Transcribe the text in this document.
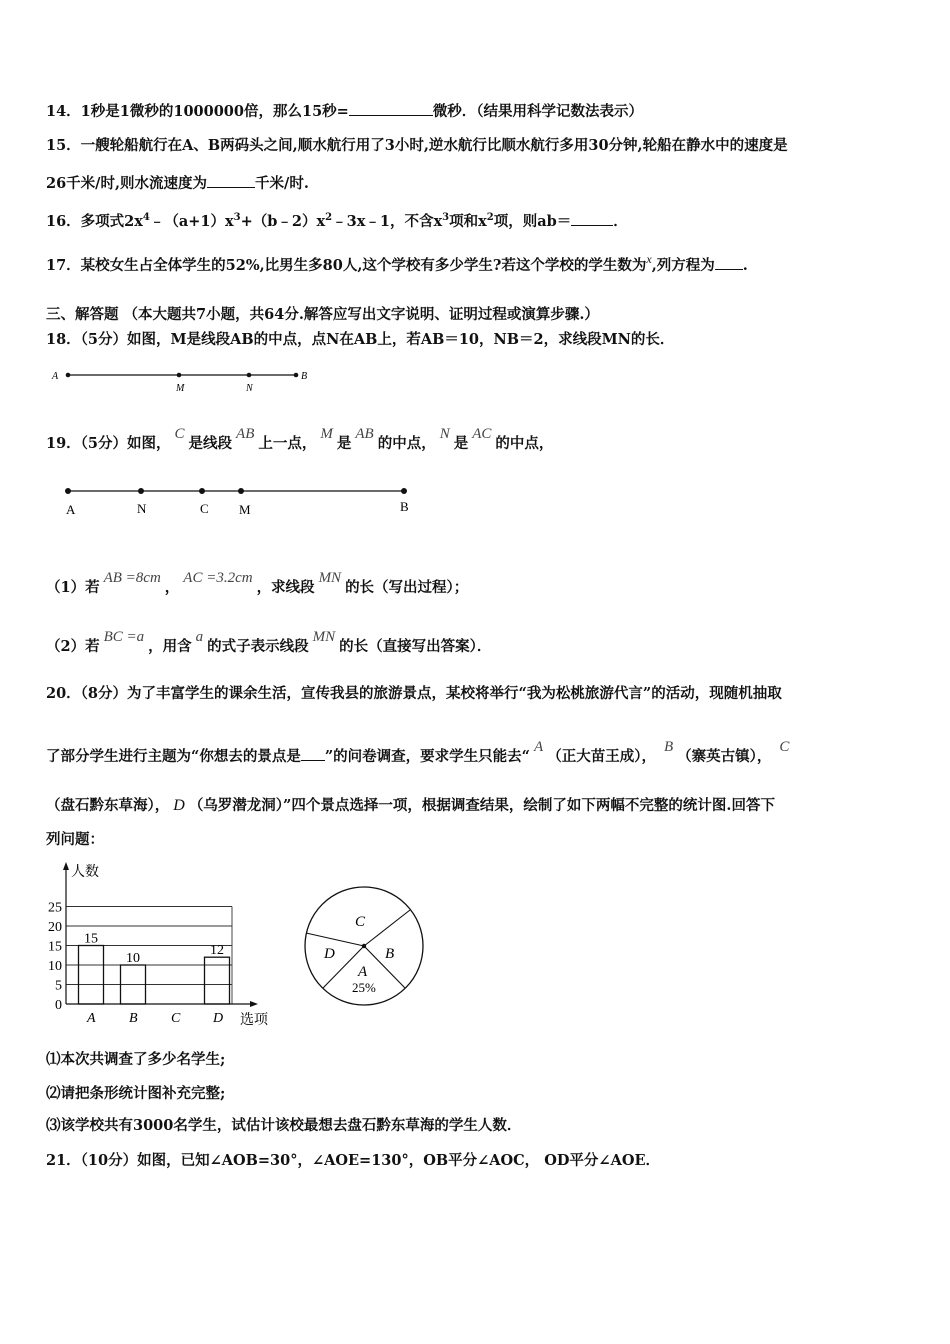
14．1秒是1微秒的1000000倍，那么15秒=	微秒．（结果用科学记数法表示）
15．一艘轮船航行在A、B两码头之间,顺水航行用了3小时,逆水航行比顺水航行多用30分钟,轮船在静水中的速度是
26千米/时,则水流速度为	千米/时.
16．多项式$2x^4﹣(a+1)x^3+(b﹣2)x^2﹣3x﹣1$，不含$x^3$项和$x^2$项，则ab＝	．
17．某校女生占全体学生的52%,比男生多80人,这个学校有多少学生?若这个学校的学生数为$^x$,列方程为 .
三、解答题 （本大题共7小题，共64分.解答应写出文字说明、证明过程或演算步骤.）
18．（5分）如图，M是线段AB的中点，点N在AB上，若AB＝10，NB＝2，求线段MN的长．
A
M	N
B
19．（5分）如图，C是线段AB上一点，M是AB的中点，N是AC的中点，
A	N	C M	B
（1）若AB =8cm，AC =3.2cm，求线段MN的长（写出过程）；
（2）若BC =a，用含a的式子表示线段MN的长（直接写出答案）．
20．（8分）为了丰富学生的课余生活，宣传我县的旅游景点，某校将举行“我为松桃旅游代言”的活动，现随机抽取
了部分学生进行主题为“你想去的景点是 ”的问卷调查，要求学生只能去“A（正大苗王成），B（寨英古镇），C
（盘石黔东草海）， D （乌罗潜龙洞）”四个景点选择一项，根据调查结果，绘制了如下两幅不完整的统计图.回答下
列问题：
0
5
10
15
20
25
人数
选项
A
15
B
10
C D
12
C
D	B
A
25%
⑴本次共调查了多少名学生;
⑵请把条形统计图补充完整;
⑶该学校共有3000名学生，试估计该校最想去盘石黔东草海的学生人数．
21．（10分）如图，已知∠AOB=30°，∠AOE=130°，OB平分∠AOC， OD平分∠AOE．
